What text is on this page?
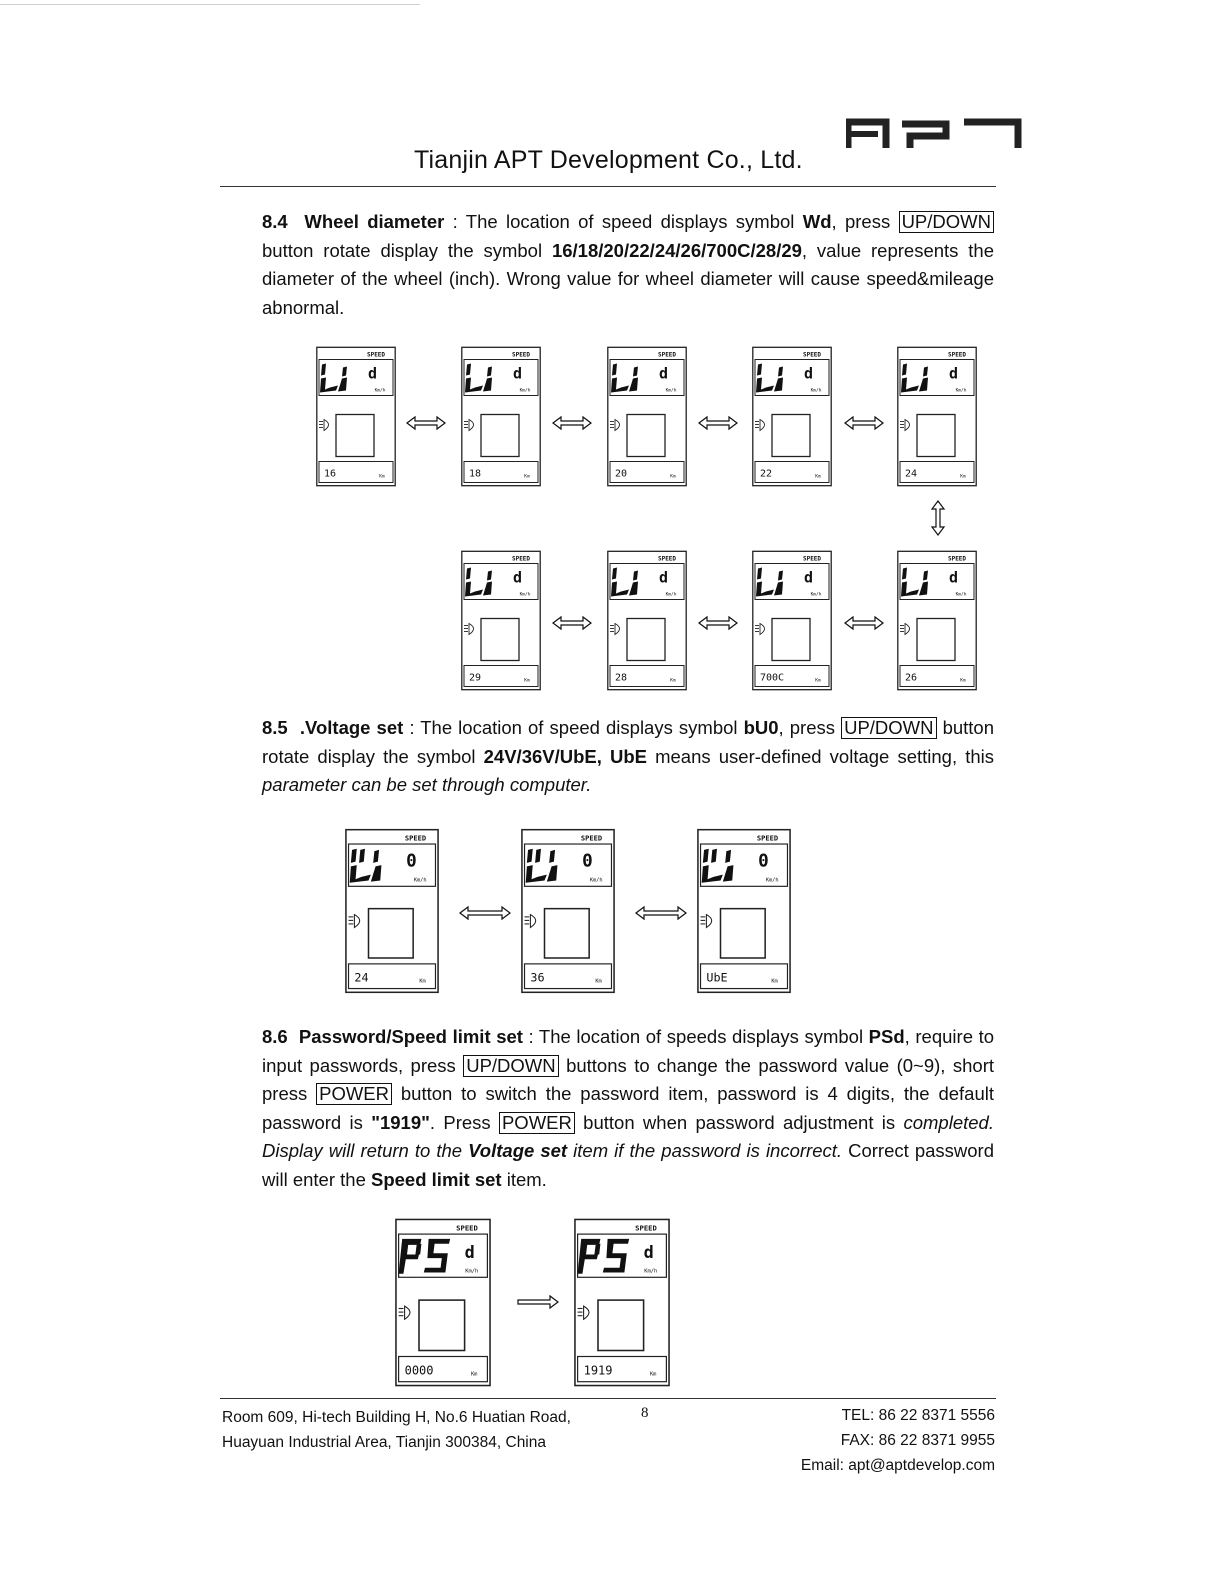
Tianjin APT Development Co., Ltd.
8.4 Wheel diameter : The location of speed displays symbol Wd, press UP/DOWN button rotate display the symbol 16/18/20/22/24/26/700C/28/29, value represents the diameter of the wheel (inch). Wrong value for wheel diameter will cause speed&mileage abnormal.
8.5 .Voltage set : The location of speed displays symbol bU0, press UP/DOWN button rotate display the symbol 24V/36V/UbE, UbE means user-defined voltage setting, this parameter can be set through computer.
8.6 Password/Speed limit set : The location of speeds displays symbol PSd, require to input passwords, press UP/DOWN buttons to change the password value (0~9), short press POWER button to switch the password item, password is 4 digits, the default password is "1919". Press POWER button when password adjustment is completed. Display will return to the Voltage set item if the password is incorrect. Correct password will enter the Speed limit set item.
Room 609, Hi-tech Building H, No.6 Huatian Road,
Huayuan Industrial Area, Tianjin 300384, China
8	TEL: 86 22 8371 5556
FAX: 86 22 8371 9955
Email: apt@aptdevelop.com
SPEED
d
Km/h
16	Km
SPEED
d
Km/h
18	Km
SPEED
d
Km/h
20	Km
SPEED
d
Km/h
22	Km
SPEED
d
Km/h
24	Km
SPEED
d
Km/h
29	Km
SPEED
d
Km/h
28	Km
SPEED
d
Km/h
700C	Km
SPEED
d
Km/h
26	Km
SPEED
0
Km/h
24	Km
SPEED
0
Km/h
36	Km
SPEED
0
Km/h
UbE	Km
SPEED
d
Km/h
0000	Km
SPEED
d
Km/h
1919	Km
